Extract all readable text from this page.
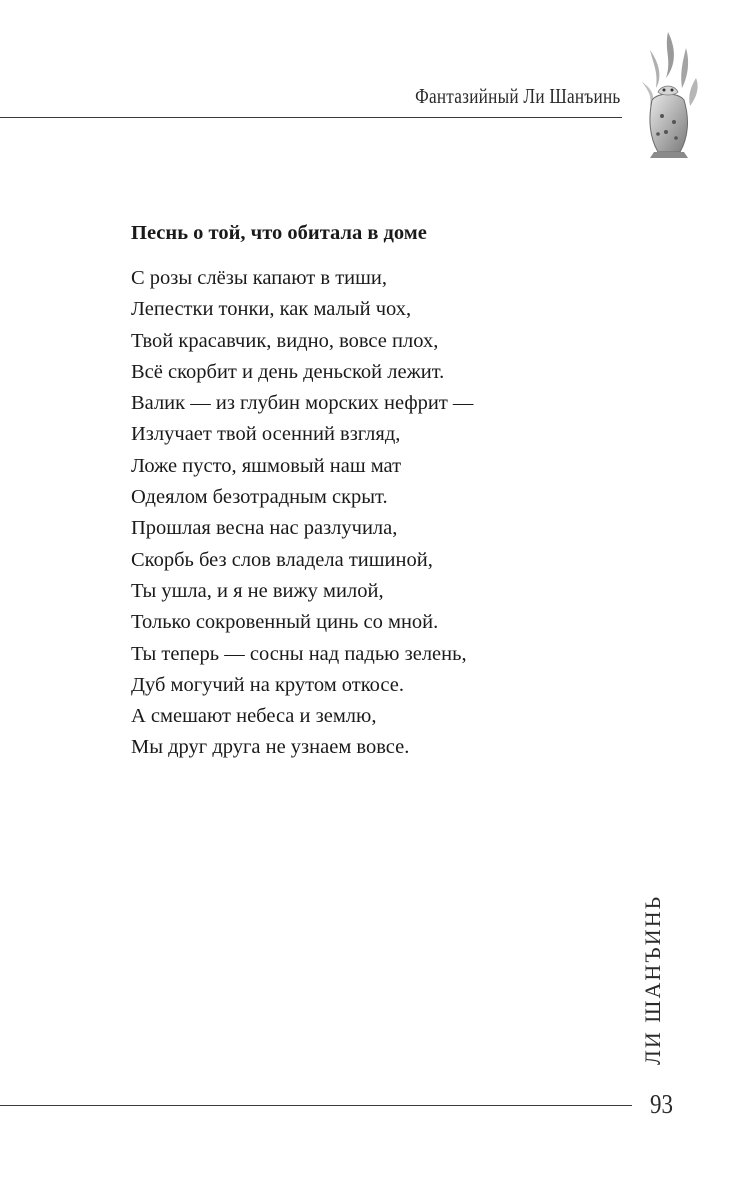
Фантазийный Ли Шанъинь
Песнь о той, что обитала в доме
С розы слёзы капают в тиши,
Лепестки тонки, как малый чох,
Твой красавчик, видно, вовсе плох,
Всё скорбит и день деньской лежит.
Валик — из глубин морских нефрит —
Излучает твой осенний взгляд,
Ложе пусто, яшмовый наш мат
Одеялом безотрадным скрыт.
Прошлая весна нас разлучила,
Скорбь без слов владела тишиной,
Ты ушла, и я не вижу милой,
Только сокровенный цинь со мной.
Ты теперь — сосны над падью зелень,
Дуб могучий на крутом откосе.
А смешают небеса и землю,
Мы друг друга не узнаем вовсе.
ЛИ ШАНЪИНЬ
93
